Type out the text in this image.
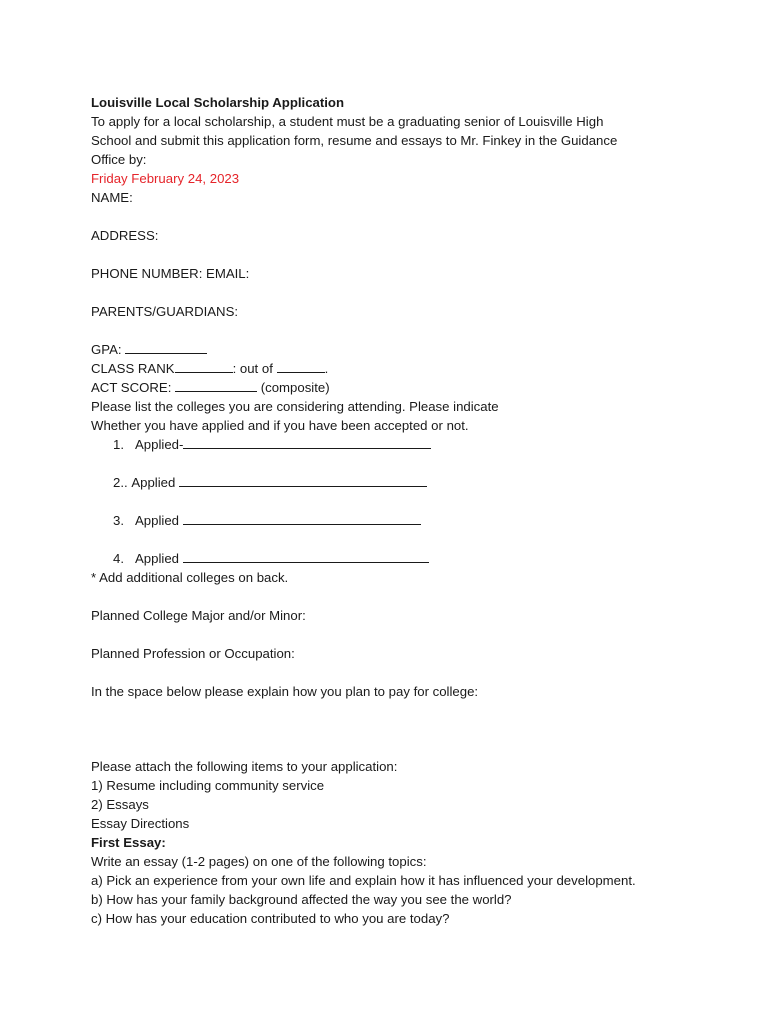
Louisville Local Scholarship Application
To apply for a local scholarship, a student must be a graduating senior of Louisville High
School and submit this application form, resume and essays to Mr. Finkey in the Guidance
Office by:
Friday February 24, 2023
NAME:
ADDRESS:
PHONE NUMBER: EMAIL:
PARENTS/GUARDIANS:
GPA:
CLASS RANK	: out of	.
ACT SCORE:	(composite)
Please list the colleges you are considering attending. Please indicate
Whether you have applied and if you have been accepted or not.
1. Applied-
2.. Applied
3. Applied
4. Applied
* Add additional colleges on back.
Planned College Major and/or Minor:
Planned Profession or Occupation:
In the space below please explain how you plan to pay for college:
Please attach the following items to your application:
1) Resume including community service
2) Essays
Essay Directions
First Essay:
Write an essay (1-2 pages) on one of the following topics:
a) Pick an experience from your own life and explain how it has influenced your development.
b) How has your family background affected the way you see the world?
c) How has your education contributed to who you are today?
